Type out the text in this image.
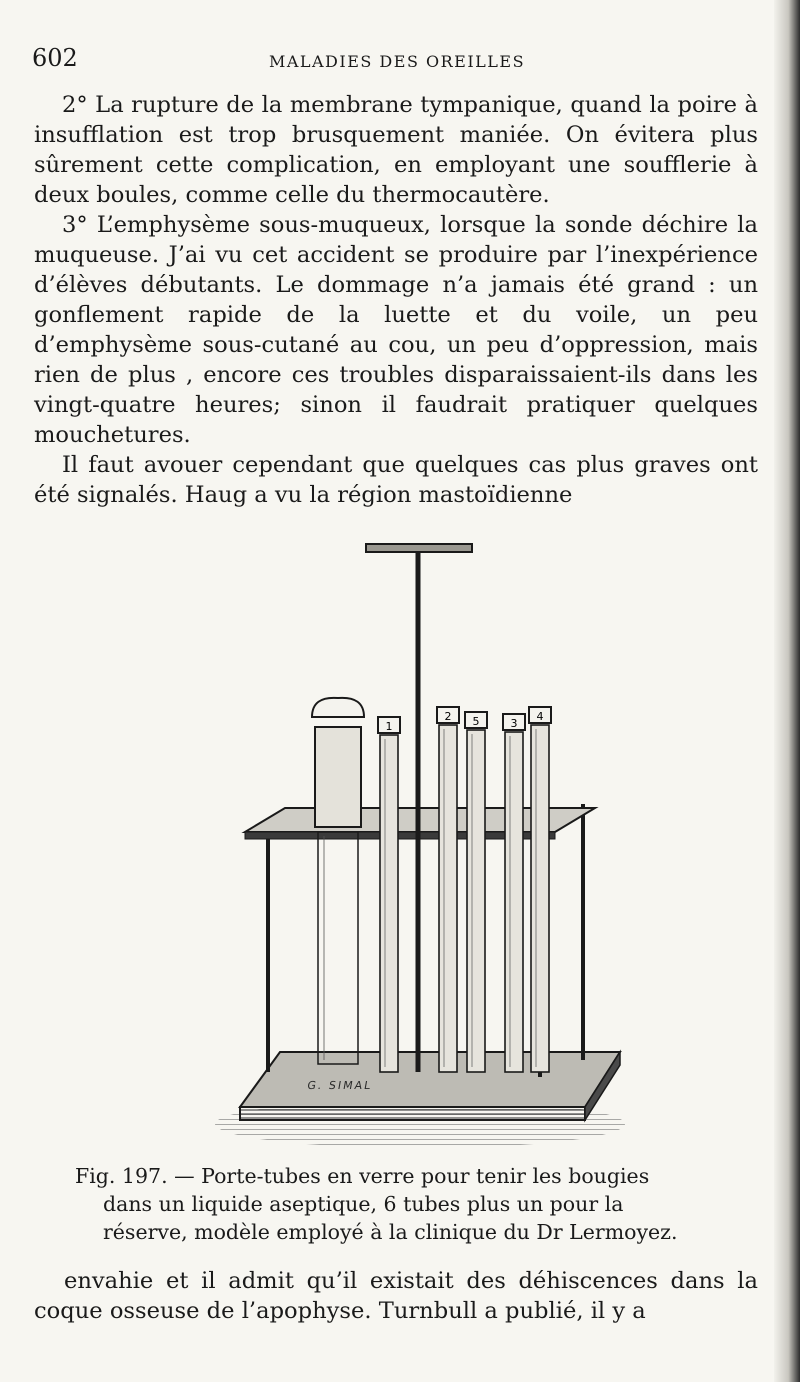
602	MALADIES DES OREILLES

2° La rupture de la membrane tympanique, quand la poire à insufflation est trop brusquement maniée. On évitera plus sûrement cette complication, en employant une soufflerie à deux boules, comme celle du thermocautère.

3° L’emphysème sous-muqueux, lorsque la sonde déchire la muqueuse. J’ai vu cet accident se produire par l’inexpérience d’élèves débutants. Le dommage n’a jamais été grand : un gonflement rapide de la luette et du voile, un peu d’emphysème sous-cutané au cou, un peu d’oppression, mais rien de plus , encore ces troubles disparaissaient-ils dans les vingt-quatre heures; sinon il faudrait pratiquer quelques mouchetures.

Il faut avouer cependant que quelques cas plus graves ont été signalés. Haug a vu la région mastoïdienne

G. SIMAL
1
2 5	3
4
Fig. 197. — Porte-tubes en verre pour tenir les bougies
dans un liquide aseptique, 6 tubes plus un pour la
réserve, modèle employé à la clinique du Dr Lermoyez.

envahie et il admit qu’il existait des déhiscences dans la coque osseuse de l’apophyse. Turnbull a publié, il y a
